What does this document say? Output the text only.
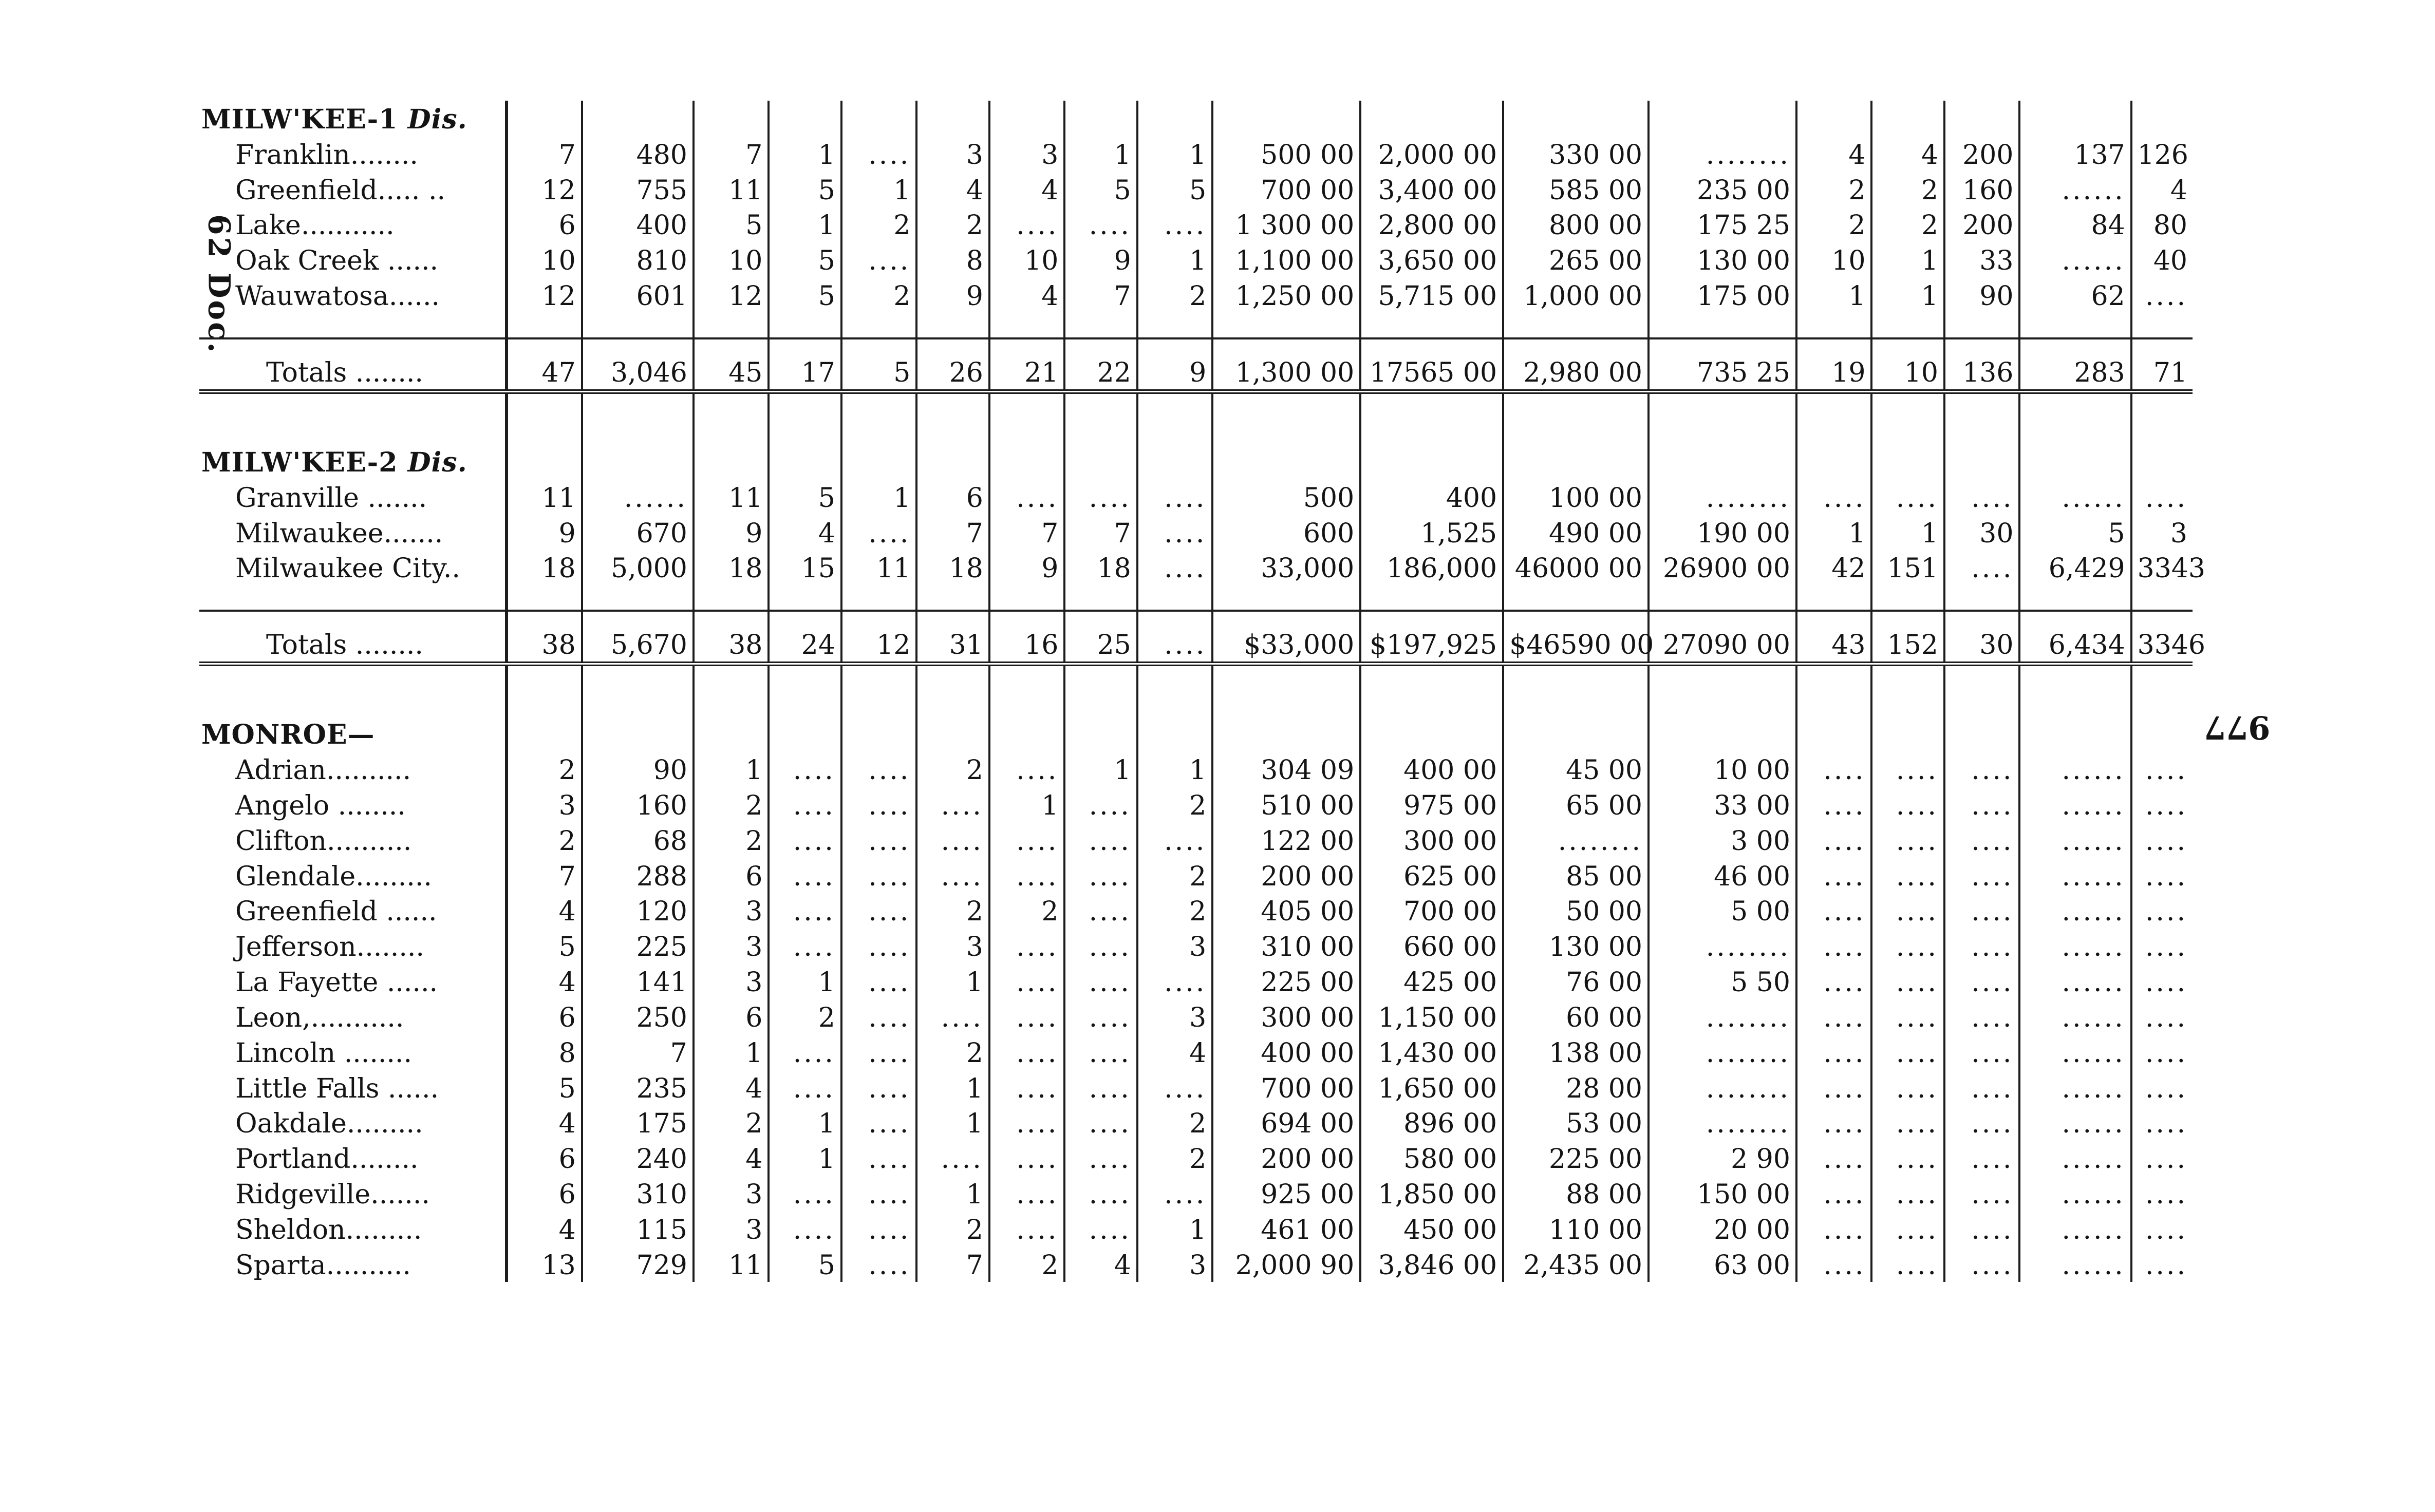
62 Doc.
977
MILW'KEE-1 Dis.																		
Franklin........	7	480	7	1	....	3	3	1	1	500 00	2,000 00	330 00	........	4	4	200	137	126
Greenfield..... ..	12	755	11	5	1	4	4	5	5	700 00	3,400 00	585 00	235 00	2	2	160	......	4
Lake...........	6	400	5	1	2	2	....	....	....	1 300 00	2,800 00	800 00	175 25	2	2	200	84	80
Oak Creek ......	10	810	10	5	....	8	10	9	1	1,100 00	3,650 00	265 00	130 00	10	1	33	......	40
Wauwatosa......	12	601	12	5	2	9	4	7	2	1,250 00	5,715 00	1,000 00	175 00	1	1	90	62	....

Totals ........	47	3,046	45	17	5	26	21	22	9	1,300 00	17565 00	2,980 00	735 25	19	10	136	283	71

MILW'KEE-2 Dis.																		
Granville .......	11	......	11	5	1	6	....	....	....	500	400	100 00	........	....	....	....	......	....
Milwaukee.......	9	670	9	4	....	7	7	7	....	600	1,525	490 00	190 00	1	1	30	5	3
Milwaukee City..	18	5,000	18	15	11	18	9	18	....	33,000	186,000	46000 00	26900 00	42	151	....	6,429	3343

Totals ........	38	5,670	38	24	12	31	16	25	....	$33,000	$197,925	$46590 00	27090 00	43	152	30	6,434	3346

MONROE—																		
Adrian..........	2	90	1	....	....	2	....	1	1	304 09	400 00	45 00	10 00	....	....	....	......	....
Angelo ........	3	160	2	....	....	....	1	....	2	510 00	975 00	65 00	33 00	....	....	....	......	....
Clifton..........	2	68	2	....	....	....	....	....	....	122 00	300 00	........	3 00	....	....	....	......	....
Glendale.........	7	288	6	....	....	....	....	....	2	200 00	625 00	85 00	46 00	....	....	....	......	....
Greenfield ......	4	120	3	....	....	2	2	....	2	405 00	700 00	50 00	5 00	....	....	....	......	....
Jefferson........	5	225	3	....	....	3	....	....	3	310 00	660 00	130 00	........	....	....	....	......	....
La Fayette ......	4	141	3	1	....	1	....	....	....	225 00	425 00	76 00	5 50	....	....	....	......	....
Leon,...........	6	250	6	2	....	....	....	....	3	300 00	1,150 00	60 00	........	....	....	....	......	....
Lincoln ........	8	7	1	....	....	2	....	....	4	400 00	1,430 00	138 00	........	....	....	....	......	....
Little Falls ......	5	235	4	....	....	1	....	....	....	700 00	1,650 00	28 00	........	....	....	....	......	....
Oakdale.........	4	175	2	1	....	1	....	....	2	694 00	896 00	53 00	........	....	....	....	......	....
Portland........	6	240	4	1	....	....	....	....	2	200 00	580 00	225 00	2 90	....	....	....	......	....
Ridgeville.......	6	310	3	....	....	1	....	....	....	925 00	1,850 00	88 00	150 00	....	....	....	......	....
Sheldon.........	4	115	3	....	....	2	....	....	1	461 00	450 00	110 00	20 00	....	....	....	......	....
Sparta..........	13	729	11	5	....	7	2	4	3	2,000 90	3,846 00	2,435 00	63 00	....	....	....	......	....
